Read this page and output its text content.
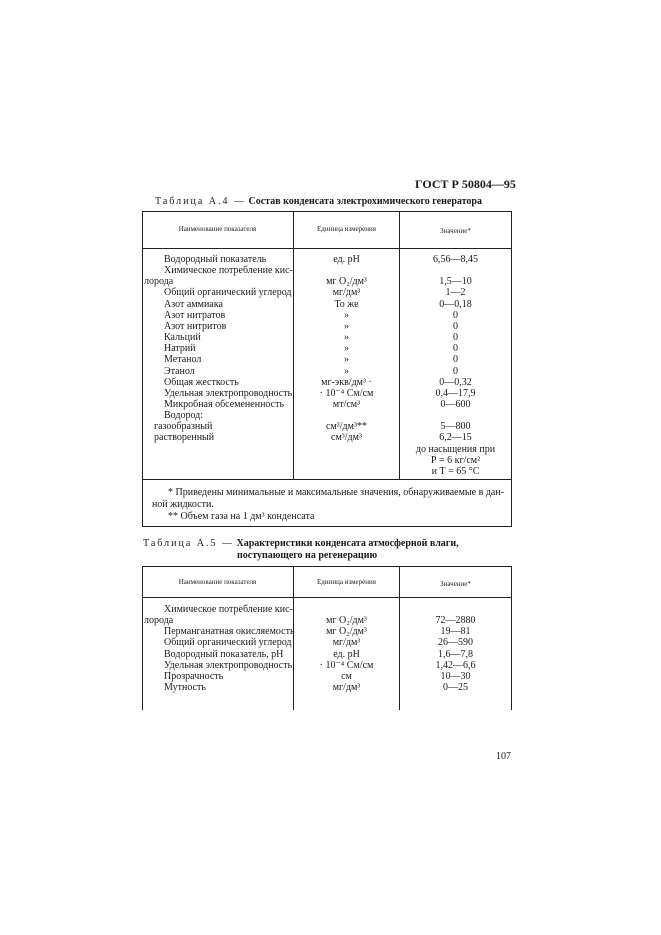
ГОСТ Р 50804—95
Таблица А.4 — Состав конденсата электрохимического генератора
Наименование показателя	Единица измерения	Значение*
Водородный показатель	ед. pH	6,56—8,45
Химическое потребление кис-
лорода	мг О₂/дм³	1,5—10
Общий органический углерод	мг/дм³	1—2
Азот аммиака	То же	0—0,18
Азот нитратов	»	0
Азот нитритов	»	0
Кальций	»	0
Натрий	»	0
Метанол	»	0
Этанол	»	0
Общая жесткость	мг-экв/дм³ ·	0—0,32
Удельная электропроводность	· 10⁻⁴ См/см	0,4—17,9
Микробная обсемененность	мт/см³	0—600
Водород:
газообразный	см³/дм³**	5—800
растворенный	см³/дм³	6,2—15
до насыщения при
Р = 6 кг/см²
и Т = 65 °С
* Приведены минимальные и максимальные значения, обнаруживаемые в дан-
ной жидкости.
** Объем газа на 1 дм³ конденсата
Таблица А.5 — Характеристики конденсата атмосферной влаги,
поступающего на регенерацию
Наименование показателя	Единица измерения	Значение*
Химическое потребление кис-
лорода	мг О₂/дм³	72—2880
Перманганатная окисляемость	мг О₂/дм³	19—81
Общий органический углерод	мг/дм³	26—590
Водородный показатель, pH	ед. pH	1,6—7,8
Удельная электропроводность	· 10⁻⁴ См/см	1,42—6,6
Прозрачность	см	10—30
Мутность	мг/дм³	0—25
107
